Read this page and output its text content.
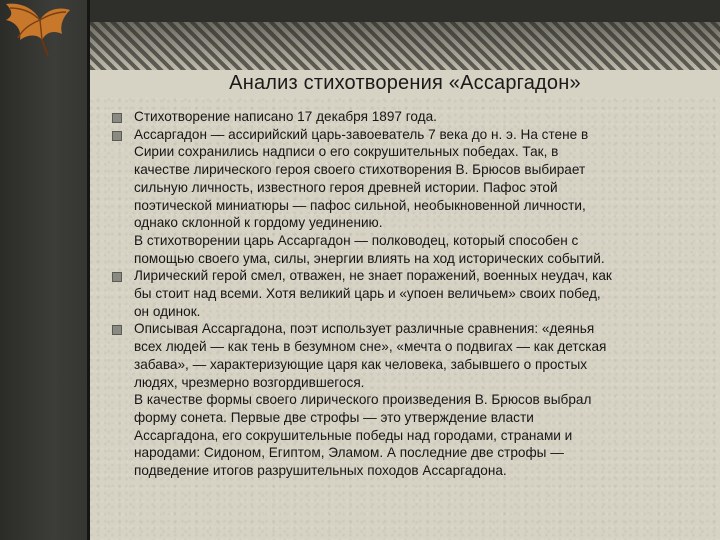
Анализ стихотворения «Ассаргадон»
Стихотворение написано 17 декабря 1897 года.
Ассаргадон — ассирийский царь-завоеватель 7 века до н. э. На стене в
Сирии сохранились надписи о его сокрушительных победах. Так, в
качестве лирического героя своего стихотворения В. Брюсов выбирает
сильную личность, известного героя древней истории. Пафос этой
поэтической миниатюры — пафос сильной, необыкновенной личности,
однако склонной к гордому уединению.
В стихотворении царь Ассаргадон — полководец, который способен с
помощью своего ума, силы, энергии влиять на ход исторических событий.
Лирический герой смел, отважен, не знает поражений, военных неудач, как
бы стоит над всеми. Хотя великий царь и «упоен величьем» своих побед,
он одинок.
Описывая Ассаргадона, поэт использует различные сравнения: «деянья
всех людей — как тень в безумном сне», «мечта о подвигах — как детская
забава», — характеризующие царя как человека, забывшего о простых
людях, чрезмерно возгордившегося.
В качестве формы своего лирического произведения В. Брюсов выбрал
форму сонета. Первые две строфы — это утверждение власти
Ассаргадона, его сокрушительные победы над городами, странами и
народами: Сидоном, Египтом, Эламом. А последние две строфы —
подведение итогов разрушительных походов Ассаргадона.
